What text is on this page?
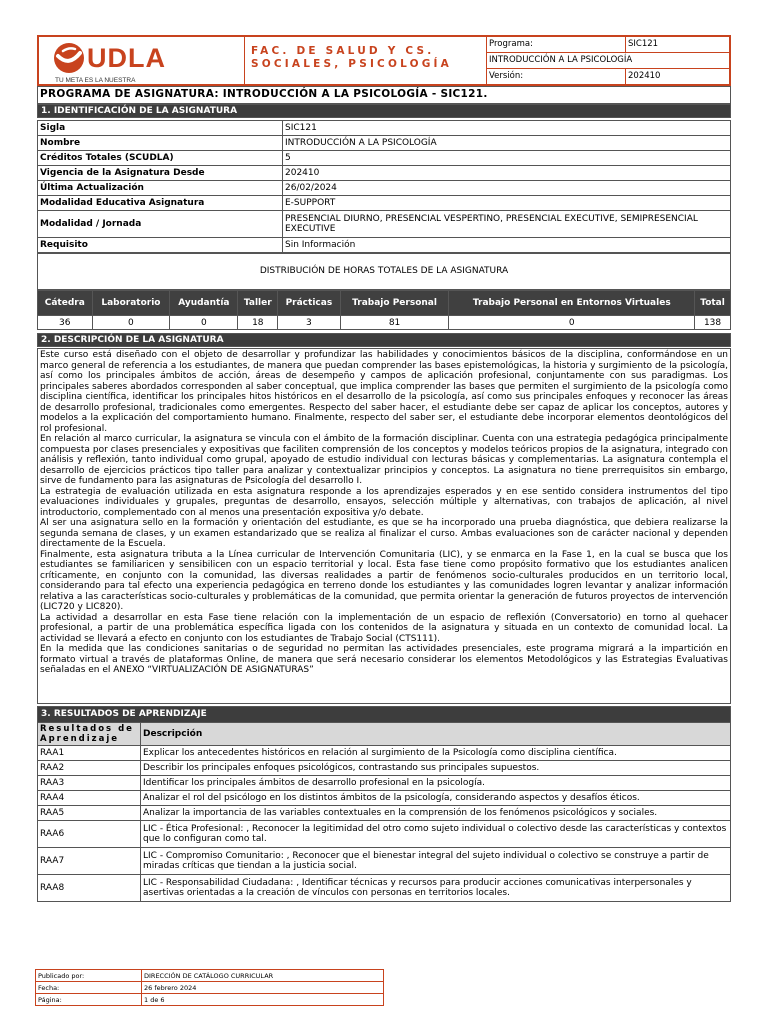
UDLA
TU META ES LA NUESTRA
FAC. DE SALUD Y CS. SOCIALES, PSICOLOGÍA
Programa:	SIC121
INTRODUCCIÓN A LA PSICOLOGÍA
Versión:	202410
PROGRAMA DE ASIGNATURA: INTRODUCCIÓN A LA PSICOLOGÍA - SIC121.
1. IDENTIFICACIÓN DE LA ASIGNATURA
Sigla	SIC121
Nombre	INTRODUCCIÓN A LA PSICOLOGÍA
Créditos Totales (SCUDLA)	5
Vigencia de la Asignatura Desde	202410
Última Actualización	26/02/2024
Modalidad Educativa Asignatura	E-SUPPORT
Modalidad / Jornada	PRESENCIAL DIURNO, PRESENCIAL VESPERTINO, PRESENCIAL EXECUTIVE, SEMIPRESENCIAL EXECUTIVE
Requisito	Sin Información
DISTRIBUCIÓN DE HORAS TOTALES DE LA ASIGNATURA
Cátedra	Laboratorio	Ayudantía	Taller	Prácticas	Trabajo Personal	Trabajo Personal en Entornos Virtuales	Total
36	0	0	18	3	81	0	138
2. DESCRIPCIÓN DE LA ASIGNATURA

Este curso está diseñado con el objeto de desarrollar y profundizar las habilidades y conocimientos básicos de la disciplina, conformándose en un marco general de referencia a los estudiantes, de manera que puedan comprender las bases epistemológicas, la historia y surgimiento de la psicología, así como los principales ámbitos de acción, áreas de desempeño y campos de aplicación profesional, conjuntamente con sus paradigmas. Los principales saberes abordados corresponden al saber conceptual, que implica comprender las bases que permiten el surgimiento de la psicología como disciplina científica, identificar los principales hitos históricos en el desarrollo de la psicología, así como sus principales enfoques y reconocer las áreas de desarrollo profesional, tradicionales como emergentes. Respecto del saber hacer, el estudiante debe ser capaz de aplicar los conceptos, autores y modelos a la explicación del comportamiento humano. Finalmente, respecto del saber ser, el estudiante debe incorporar elementos deontológicos del rol profesional.

En relación al marco curricular, la asignatura se vincula con el ámbito de la formación disciplinar. Cuenta con una estrategia pedagógica principalmente compuesta por clases presenciales y expositivas que faciliten comprensión de los conceptos y modelos teóricos propios de la asignatura, integrado con análisis y reflexión, tanto individual como grupal, apoyado de estudio individual con lecturas básicas y complementarias. La asignatura contempla el desarrollo de ejercicios prácticos tipo taller para analizar y contextualizar principios y conceptos. La asignatura no tiene prerrequisitos sin embargo, sirve de fundamento para las asignaturas de Psicología del desarrollo I.

La estrategia de evaluación utilizada en esta asignatura responde a los aprendizajes esperados y en ese sentido considera instrumentos del tipo evaluaciones individuales y grupales, preguntas de desarrollo, ensayos, selección múltiple y alternativas, con trabajos de aplicación, al nivel introductorio, complementado con al menos una presentación expositiva y/o debate.

Al ser una asignatura sello en la formación y orientación del estudiante, es que se ha incorporado una prueba diagnóstica, que debiera realizarse la segunda semana de clases, y un examen estandarizado que se realiza al finalizar el curso. Ambas evaluaciones son de carácter nacional y dependen directamente de la Escuela.

Finalmente, esta asignatura tributa a la Línea curricular de Intervención Comunitaria (LIC), y se enmarca en la Fase 1, en la cual se busca que los estudiantes se familiaricen y sensibilicen con un espacio territorial y local. Esta fase tiene como propósito formativo que los estudiantes analicen críticamente, en conjunto con la comunidad, las diversas realidades a partir de fenómenos socio-culturales producidos en un territorio local, considerando para tal efecto una experiencia pedagógica en terreno donde los estudiantes y las comunidades logren levantar y analizar información relativa a las características socio-culturales y problemáticas de la comunidad, que permita orientar la generación de futuros proyectos de intervención (LIC720 y LIC820).

La actividad a desarrollar en esta Fase tiene relación con la implementación de un espacio de reflexión (Conversatorio) en torno al quehacer profesional, a partir de una problemática específica ligada con los contenidos de la asignatura y situada en un contexto de comunidad local. La actividad se llevará a efecto en conjunto con los estudiantes de Trabajo Social (CTS111).

En la medida que las condiciones sanitarias o de seguridad no permitan las actividades presenciales, este programa migrará a la impartición en formato virtual a través de plataformas Online, de manera que será necesario considerar los elementos Metodológicos y las Estrategias Evaluativas señaladas en el ANEXO “VIRTUALIZACIÓN DE ASIGNATURAS”

3. RESULTADOS DE APRENDIZAJE
Resultados de Aprendizaje	Descripción
RAA1	Explicar los antecedentes históricos en relación al surgimiento de la Psicología como disciplina científica.
RAA2	Describir los principales enfoques psicológicos, contrastando sus principales supuestos.
RAA3	Identificar los principales ámbitos de desarrollo profesional en la psicología.
RAA4	Analizar el rol del psicólogo en los distintos ámbitos de la psicología, considerando aspectos y desafíos éticos.
RAA5	Analizar la importancia de las variables contextuales en la comprensión de los fenómenos psicológicos y sociales.
RAA6	LIC - Ética Profesional: , Reconocer la legitimidad del otro como sujeto individual o colectivo desde las características y contextos que lo configuran como tal.
RAA7	LIC - Compromiso Comunitario: , Reconocer que el bienestar integral del sujeto individual o colectivo se construye a partir de miradas críticas que tiendan a la justicia social.
RAA8	LIC - Responsabilidad Ciudadana: , Identificar técnicas y recursos para producir acciones comunicativas interpersonales y asertivas orientadas a la creación de vínculos con personas en territorios locales.
Publicado por:	DIRECCIÓN DE CATÁLOGO CURRICULAR
Fecha:	26 febrero 2024
Página:	1 de 6
